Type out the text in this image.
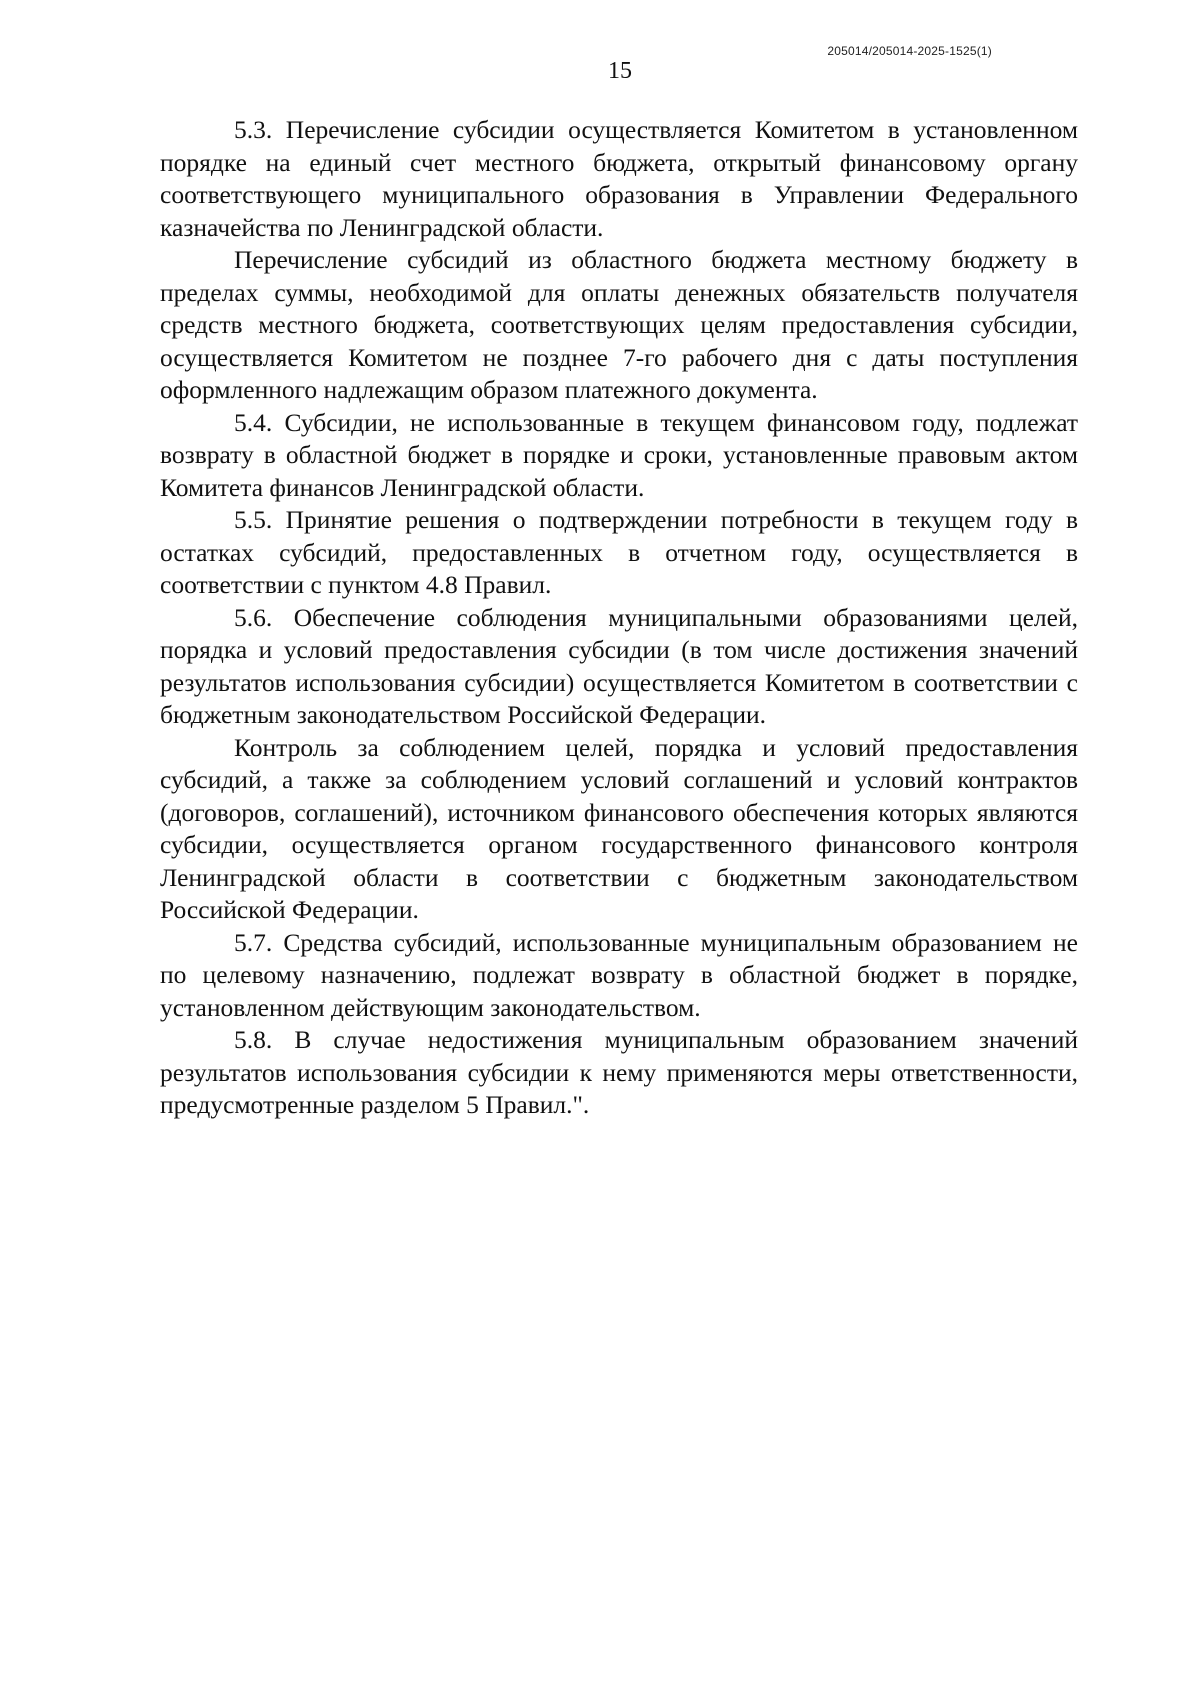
205014/205014-2025-1525(1)
15

5.3. Перечисление субсидии осуществляется Комитетом в установленном порядке на единый счет местного бюджета, открытый финансовому органу соответствующего муниципального образования в Управлении Федерального казначейства по Ленинградской области.

Перечисление субсидий из областного бюджета местному бюджету в пределах суммы, необходимой для оплаты денежных обязательств получателя средств местного бюджета, соответствующих целям предоставления субсидии, осуществляется Комитетом не позднее 7-го рабочего дня с даты поступления оформленного надлежащим образом платежного документа.

5.4. Субсидии, не использованные в текущем финансовом году, подлежат возврату в областной бюджет в порядке и сроки, установленные правовым актом Комитета финансов Ленинградской области.

5.5. Принятие решения о подтверждении потребности в текущем году в остатках субсидий, предоставленных в отчетном году, осуществляется в соответствии с пунктом 4.8 Правил.

5.6. Обеспечение соблюдения муниципальными образованиями целей, порядка и условий предоставления субсидии (в том числе достижения значений результатов использования субсидии) осуществляется Комитетом в соответствии с бюджетным законодательством Российской Федерации.

Контроль за соблюдением целей, порядка и условий предоставления субсидий, а также за соблюдением условий соглашений и условий контрактов (договоров, соглашений), источником финансового обеспечения которых являются субсидии, осуществляется органом государственного финансового контроля Ленинградской области в соответствии с бюджетным законодательством Российской Федерации.

5.7. Средства субсидий, использованные муниципальным образованием не по целевому назначению, подлежат возврату в областной бюджет в порядке, установленном действующим законодательством.

5.8. В случае недостижения муниципальным образованием значений результатов использования субсидии к нему применяются меры ответственности, предусмотренные разделом 5 Правил.".
